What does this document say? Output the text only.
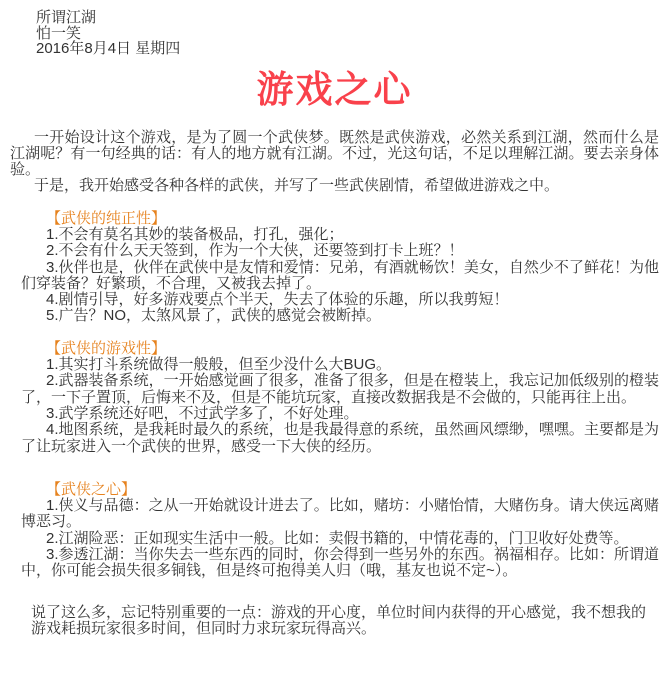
所谓江湖
怕一笑
2016年8月4日 星期四
游戏之心

一开始设计这个游戏，是为了圆一个武侠梦。既然是武侠游戏，必然关系到江湖，然而什么是江湖呢？有一句经典的话：有人的地方就有江湖。不过，光这句话，不足以理解江湖。要去亲身体验。

于是，我开始感受各种各样的武侠，并写了一些武侠剧情，希望做进游戏之中。

【武侠的纯正性】

1.不会有莫名其妙的装备极品，打孔，强化；

2.不会有什么天天签到，作为一个大侠，还要签到打卡上班？！

3.伙伴也是，伙伴在武侠中是友情和爱情：兄弟，有酒就畅饮！美女，自然少不了鲜花！为他们穿装备？好繁琐，不合理，又被我去掉了。

4.剧情引导，好多游戏要点个半天，失去了体验的乐趣，所以我剪短！

5.广告？NO，太煞风景了，武侠的感觉会被断掉。

【武侠的游戏性】

1.其实打斗系统做得一般般，但至少没什么大BUG。

2.武器装备系统，一开始感觉画了很多，准备了很多，但是在橙装上，我忘记加低级别的橙装了，一下子置顶，后悔来不及，但是不能坑玩家，直接改数据我是不会做的，只能再往上出。

3.武学系统还好吧，不过武学多了，不好处理。

4.地图系统，是我耗时最久的系统，也是我最得意的系统，虽然画风缥缈，嘿嘿。主要都是为了让玩家进入一个武侠的世界，感受一下大侠的经历。

【武侠之心】

1.侠义与品德：之从一开始就设计进去了。比如，赌坊：小赌怡情，大赌伤身。请大侠远离赌博恶习。

2.江湖险恶：正如现实生活中一般。比如：卖假书籍的，中情花毒的，门卫收好处费等。

3.参透江湖：当你失去一些东西的同时，你会得到一些另外的东西。祸福相存。比如：所谓道中，你可能会损失很多铜钱，但是终可抱得美人归（哦，基友也说不定~）。

说了这么多，忘记特别重要的一点：游戏的开心度，单位时间内获得的开心感觉，我不想我的游戏耗损玩家很多时间，但同时力求玩家玩得高兴。
